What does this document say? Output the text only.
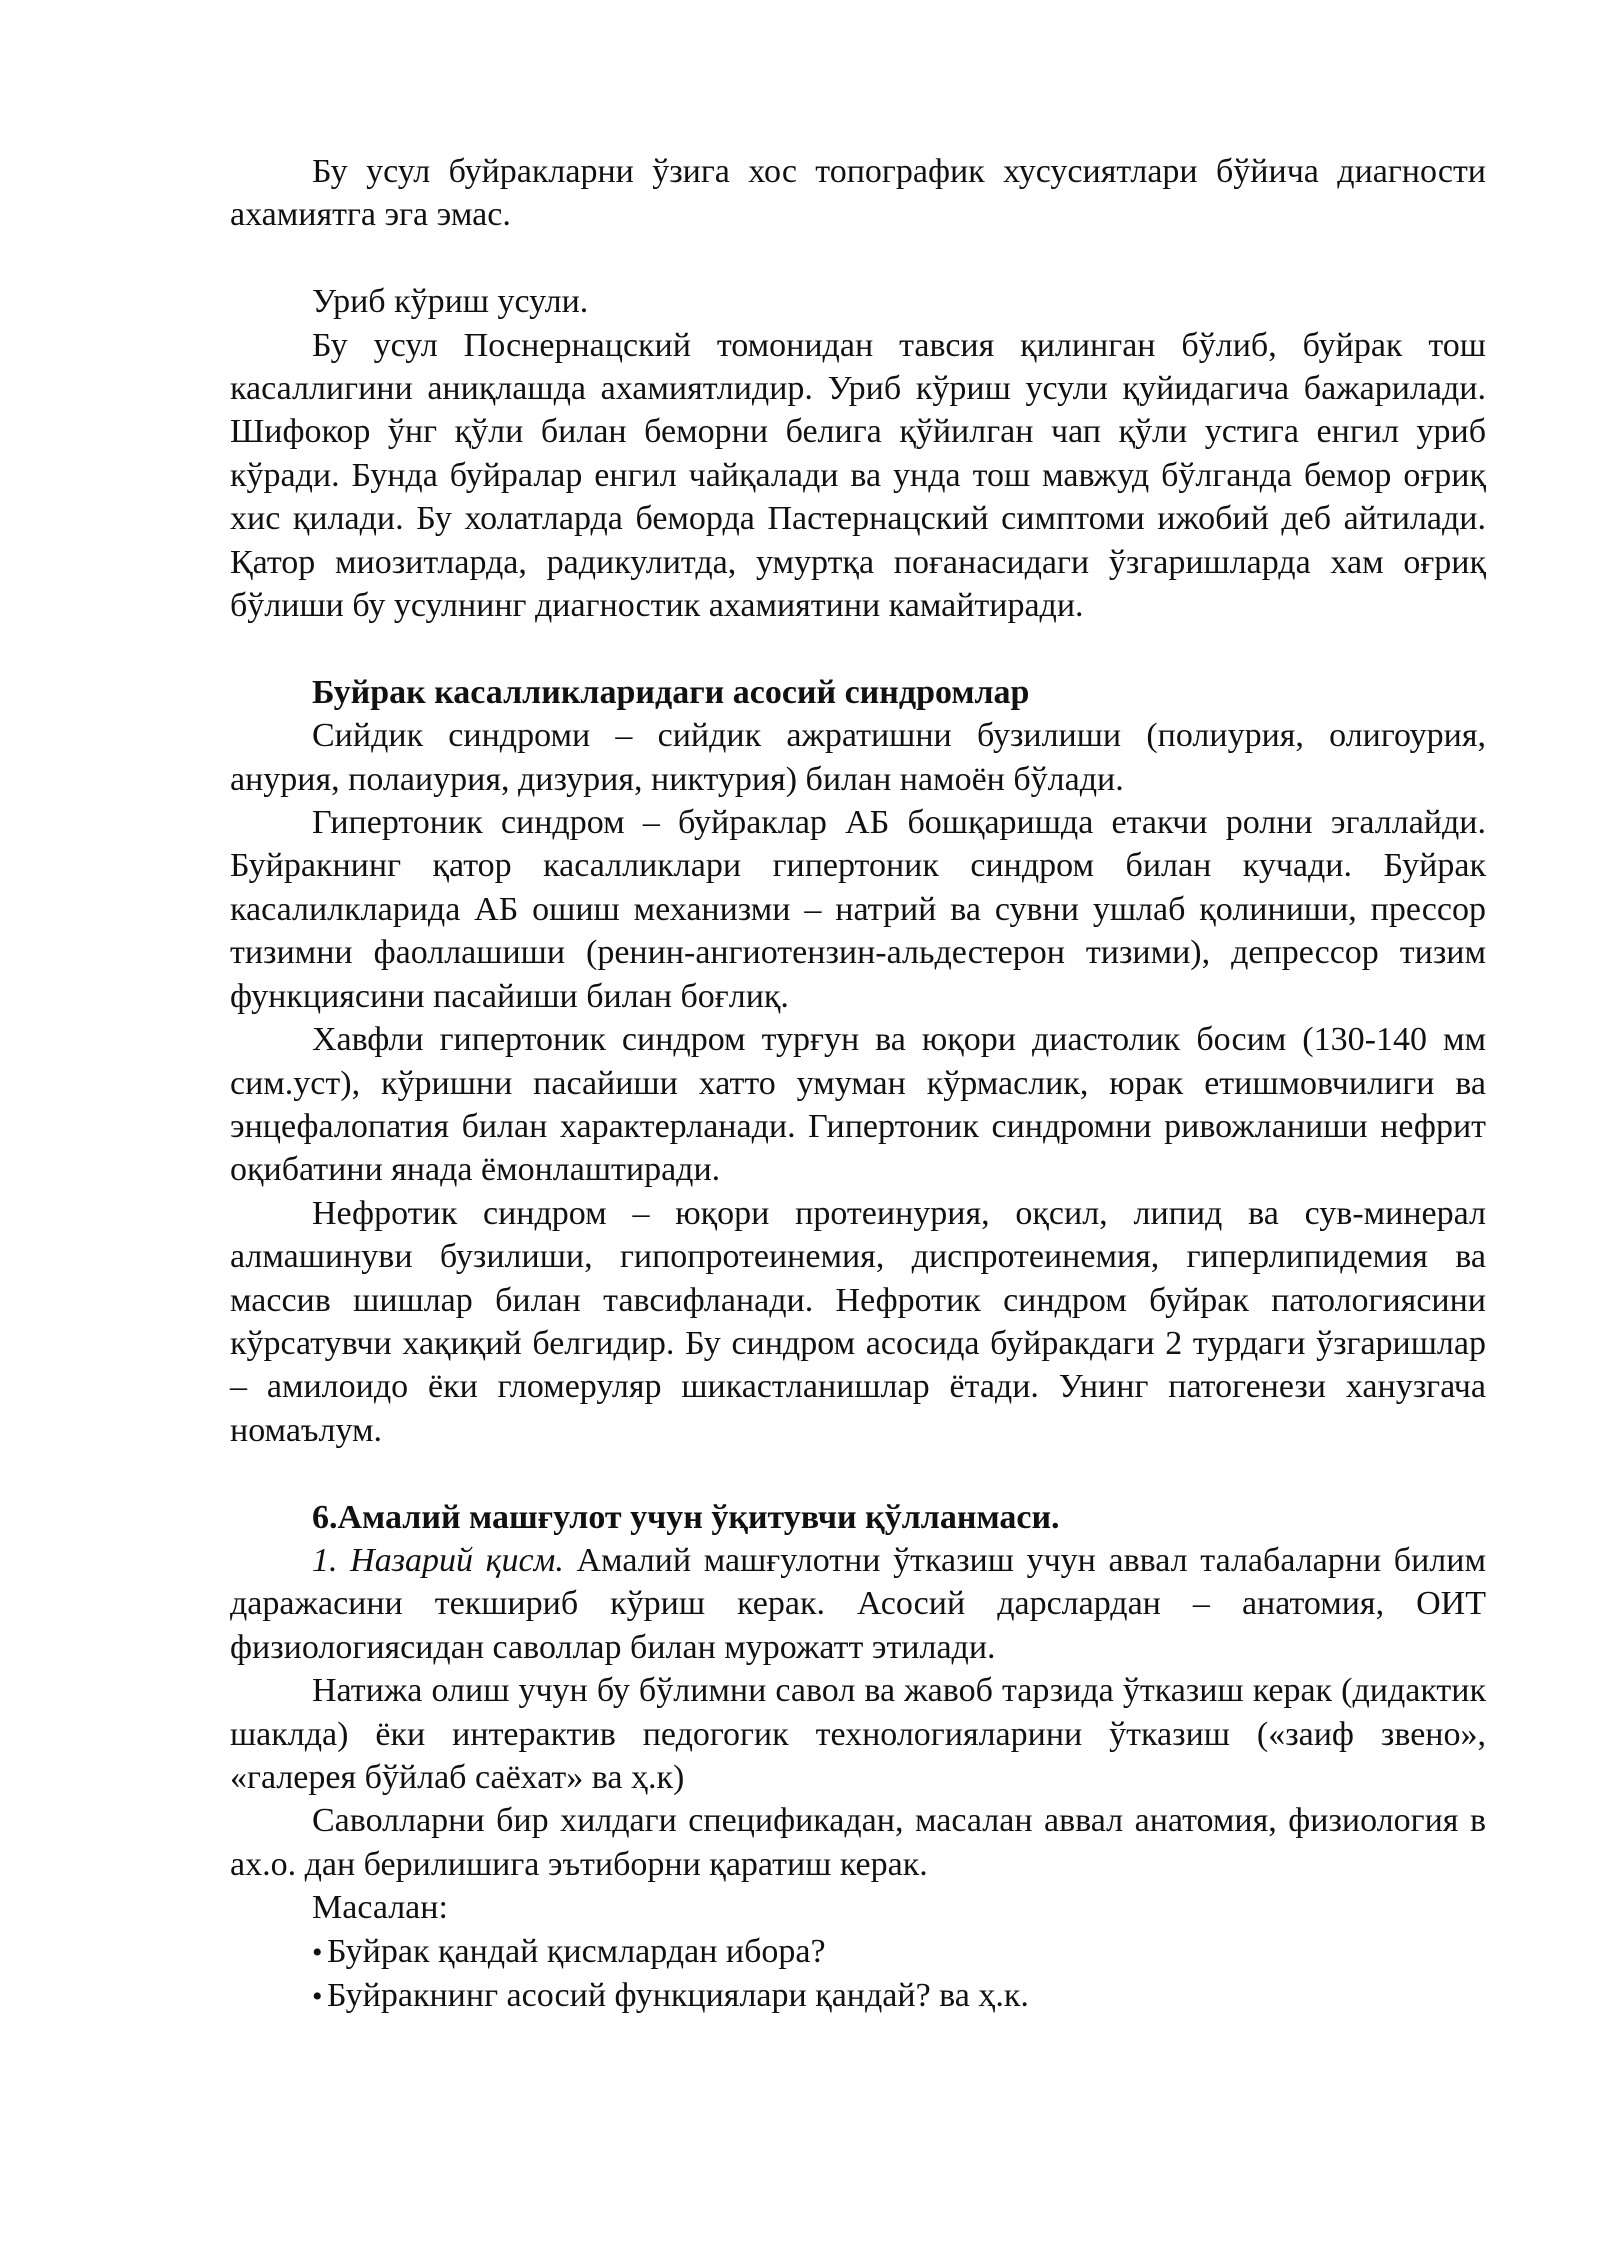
Бу усул буйракларни ўзига хос топографик хусусиятлари бўйича диагности ахамиятга эга эмас.

Уриб кўриш усули.

Бу усул Поснернацский томонидан тавсия қилинган бўлиб, буйрак тош касаллигини аниқлашда ахамиятлидир. Уриб кўриш усули қуйидагича бажарилади. Шифокор ўнг қўли билан беморни белига қўйилган чап қўли устига енгил уриб кўради. Бунда буйралар енгил чайқалади ва унда тош мавжуд бўлганда бемор оғриқ хис қилади. Бу холатларда беморда Пастернацский симптоми ижобий деб айтилади. Қатор миозитларда, радикулитда, умуртқа поғанасидаги ўзгаришларда хам оғриқ бўлиши бу усулнинг диагностик ахамиятини камайтиради.

Буйрак касалликларидаги асосий синдромлар

Сийдик синдроми – сийдик ажратишни бузилиши (полиурия, олигоурия, анурия, полаиурия, дизурия, никтурия) билан намоён бўлади.

Гипертоник синдром – буйраклар АБ бошқаришда етакчи ролни эгаллайди. Буйракнинг қатор касалликлари гипертоник синдром билан кучади. Буйрак касалилкларида АБ ошиш механизми – натрий ва сувни ушлаб қолиниши, прессор тизимни фаоллашиши (ренин-ангиотензин-альдестерон тизими), депрессор тизим функциясини пасайиши билан боғлиқ.

Хавфли гипертоник синдром турғун ва юқори диастолик босим (130-140 мм сим.уст), кўришни пасайиши хатто умуман кўрмаслик, юрак етишмовчилиги ва энцефалопатия билан характерланади. Гипертоник синдромни ривожланиши нефрит оқибатини янада ёмонлаштиради.

Нефротик синдром – юқори протеинурия, оқсил, липид ва сув-минерал алмашинуви бузилиши, гипопротеинемия, диспротеинемия, гиперлипидемия ва массив шишлар билан тавсифланади. Нефротик синдром буйрак патологиясини кўрсатувчи хақиқий белгидир. Бу синдром асосида буйракдаги 2 турдаги ўзгаришлар – амилоидо ёки гломеруляр шикастланишлар ётади. Унинг патогенези ханузгача номаълум.

6.Амалий машғулот учун ўқитувчи қўлланмаси.

1. Назарий қисм. Амалий машғулотни ўтказиш учун аввал талабаларни билим даражасини текшириб кўриш керак. Асосий дарслардан – анатомия, ОИТ физиологиясидан саволлар билан мурожатт этилади.

Натижа олиш учун бу бўлимни савол ва жавоб тарзида ўтказиш керак (дидактик шаклда) ёки интерактив педогогик технологияларини ўтказиш («заиф звено», «галерея бўйлаб саёхат» ва ҳ.к)

Саволларни бир хилдаги спецификадан, масалан аввал анатомия, физиология в ах.о. дан берилишига эътиборни қаратиш керак.

Масалан:

• Буйрак қандай қисмлардан ибора?
• Буйракнинг асосий функциялари қандай? ва ҳ.к.
